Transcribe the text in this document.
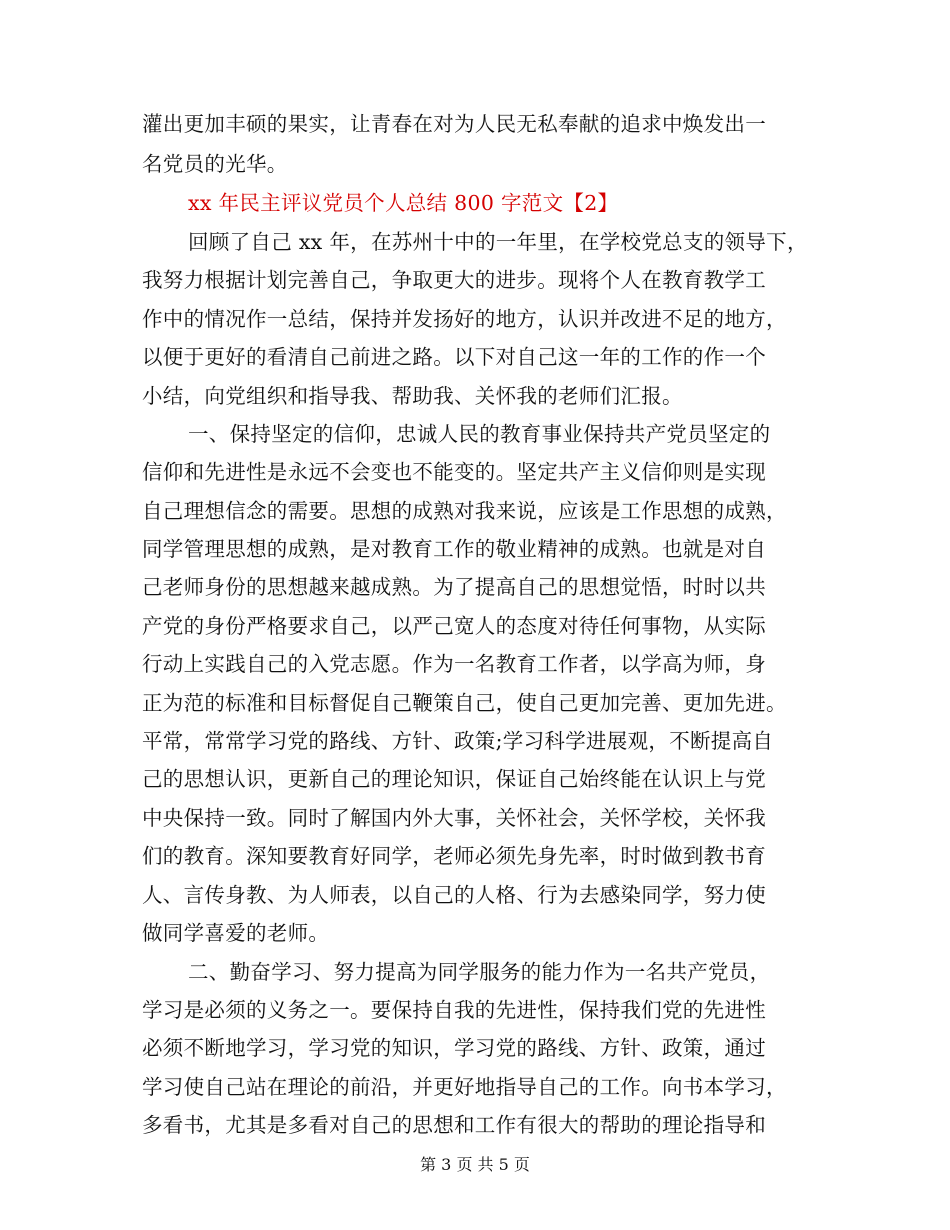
灌出更加丰硕的果实，让青春在对为人民无私奉献的追求中焕发出一
名党员的光华。
xx 年民主评议党员个人总结 800 字范文【2】
回顾了自己 xx 年，在苏州十中的一年里，在学校党总支的领导下，
我努力根据计划完善自己，争取更大的进步。现将个人在教育教学工
作中的情况作一总结，保持并发扬好的地方，认识并改进不足的地方，
以便于更好的看清自己前进之路。以下对自己这一年的工作的作一个
小结，向党组织和指导我、帮助我、关怀我的老师们汇报。
一、保持坚定的信仰，忠诚人民的教育事业保持共产党员坚定的
信仰和先进性是永远不会变也不能变的。坚定共产主义信仰则是实现
自己理想信念的需要。思想的成熟对我来说，应该是工作思想的成熟，
同学管理思想的成熟，是对教育工作的敬业精神的成熟。也就是对自
己老师身份的思想越来越成熟。为了提高自己的思想觉悟，时时以共
产党的身份严格要求自己，以严己宽人的态度对待任何事物，从实际
行动上实践自己的入党志愿。作为一名教育工作者，以学高为师，身
正为范的标准和目标督促自己鞭策自己，使自己更加完善、更加先进。
平常，常常学习党的路线、方针、政策;学习科学进展观，不断提高自
己的思想认识，更新自己的理论知识，保证自己始终能在认识上与党
中央保持一致。同时了解国内外大事，关怀社会，关怀学校，关怀我
们的教育。深知要教育好同学，老师必须先身先率，时时做到教书育
人、言传身教、为人师表，以自己的人格、行为去感染同学，努力使
做同学喜爱的老师。
二、勤奋学习、努力提高为同学服务的能力作为一名共产党员，
学习是必须的义务之一。要保持自我的先进性，保持我们党的先进性
必须不断地学习，学习党的知识，学习党的路线、方针、政策，通过
学习使自己站在理论的前沿，并更好地指导自己的工作。向书本学习，
多看书，尤其是多看对自己的思想和工作有很大的帮助的理论指导和
第 3 页 共 5 页
